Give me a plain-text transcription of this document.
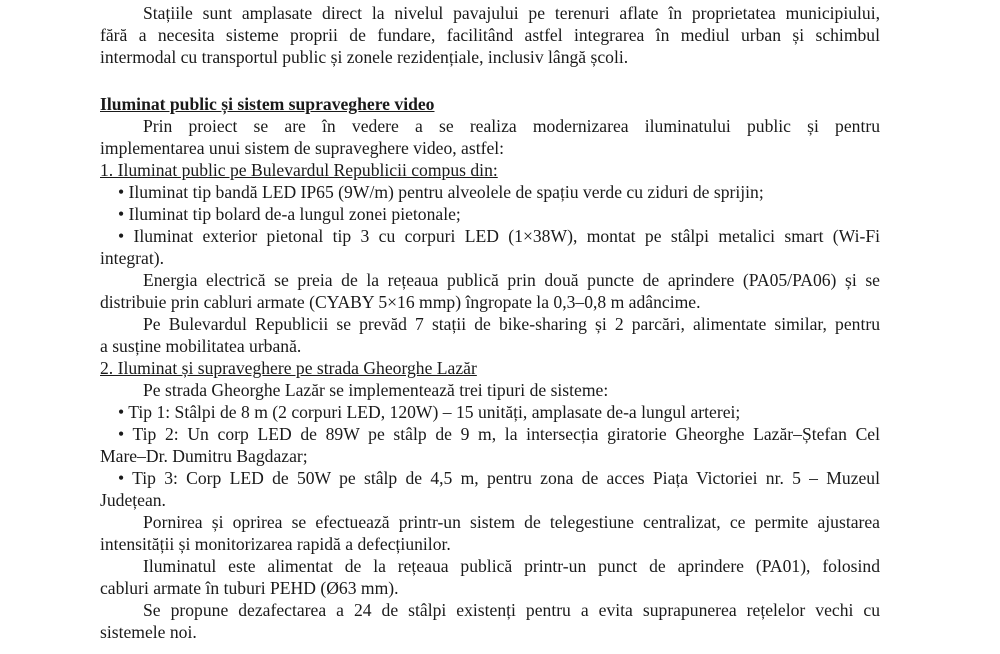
Stațiile sunt amplasate direct la nivelul pavajului pe terenuri aflate în proprietatea municipiului,
fără a necesita sisteme proprii de fundare, facilitând astfel integrarea în mediul urban și schimbul
intermodal cu transportul public și zonele rezidențiale, inclusiv lângă școli.
Iluminat public și sistem supraveghere video
Prin proiect se are în vedere a se realiza modernizarea iluminatului public și pentru
implementarea unui sistem de supraveghere video, astfel:
1. Iluminat public pe Bulevardul Republicii compus din:
• Iluminat tip bandă LED IP65 (9W/m) pentru alveolele de spațiu verde cu ziduri de sprijin;
• Iluminat tip bolard de-a lungul zonei pietonale;
• Iluminat exterior pietonal tip 3 cu corpuri LED (1×38W), montat pe stâlpi metalici smart (Wi-Fi
integrat).
Energia electrică se preia de la rețeaua publică prin două puncte de aprindere (PA05/PA06) și se
distribuie prin cabluri armate (CYABY 5×16 mmp) îngropate la 0,3–0,8 m adâncime.
Pe Bulevardul Republicii se prevăd 7 stații de bike-sharing și 2 parcări, alimentate similar, pentru
a susține mobilitatea urbană.
2. Iluminat și supraveghere pe strada Gheorghe Lazăr
Pe strada Gheorghe Lazăr se implementează trei tipuri de sisteme:
• Tip 1: Stâlpi de 8 m (2 corpuri LED, 120W) – 15 unități, amplasate de-a lungul arterei;
• Tip 2: Un corp LED de 89W pe stâlp de 9 m, la intersecția giratorie Gheorghe Lazăr–Ștefan Cel
Mare–Dr. Dumitru Bagdazar;
• Tip 3: Corp LED de 50W pe stâlp de 4,5 m, pentru zona de acces Piața Victoriei nr. 5 – Muzeul
Județean.
Pornirea și oprirea se efectuează printr-un sistem de telegestiune centralizat, ce permite ajustarea
intensității și monitorizarea rapidă a defecțiunilor.
Iluminatul este alimentat de la rețeaua publică printr-un punct de aprindere (PA01), folosind
cabluri armate în tuburi PEHD (Ø63 mm).
Se propune dezafectarea a 24 de stâlpi existenți pentru a evita suprapunerea rețelelor vechi cu
sistemele noi.
